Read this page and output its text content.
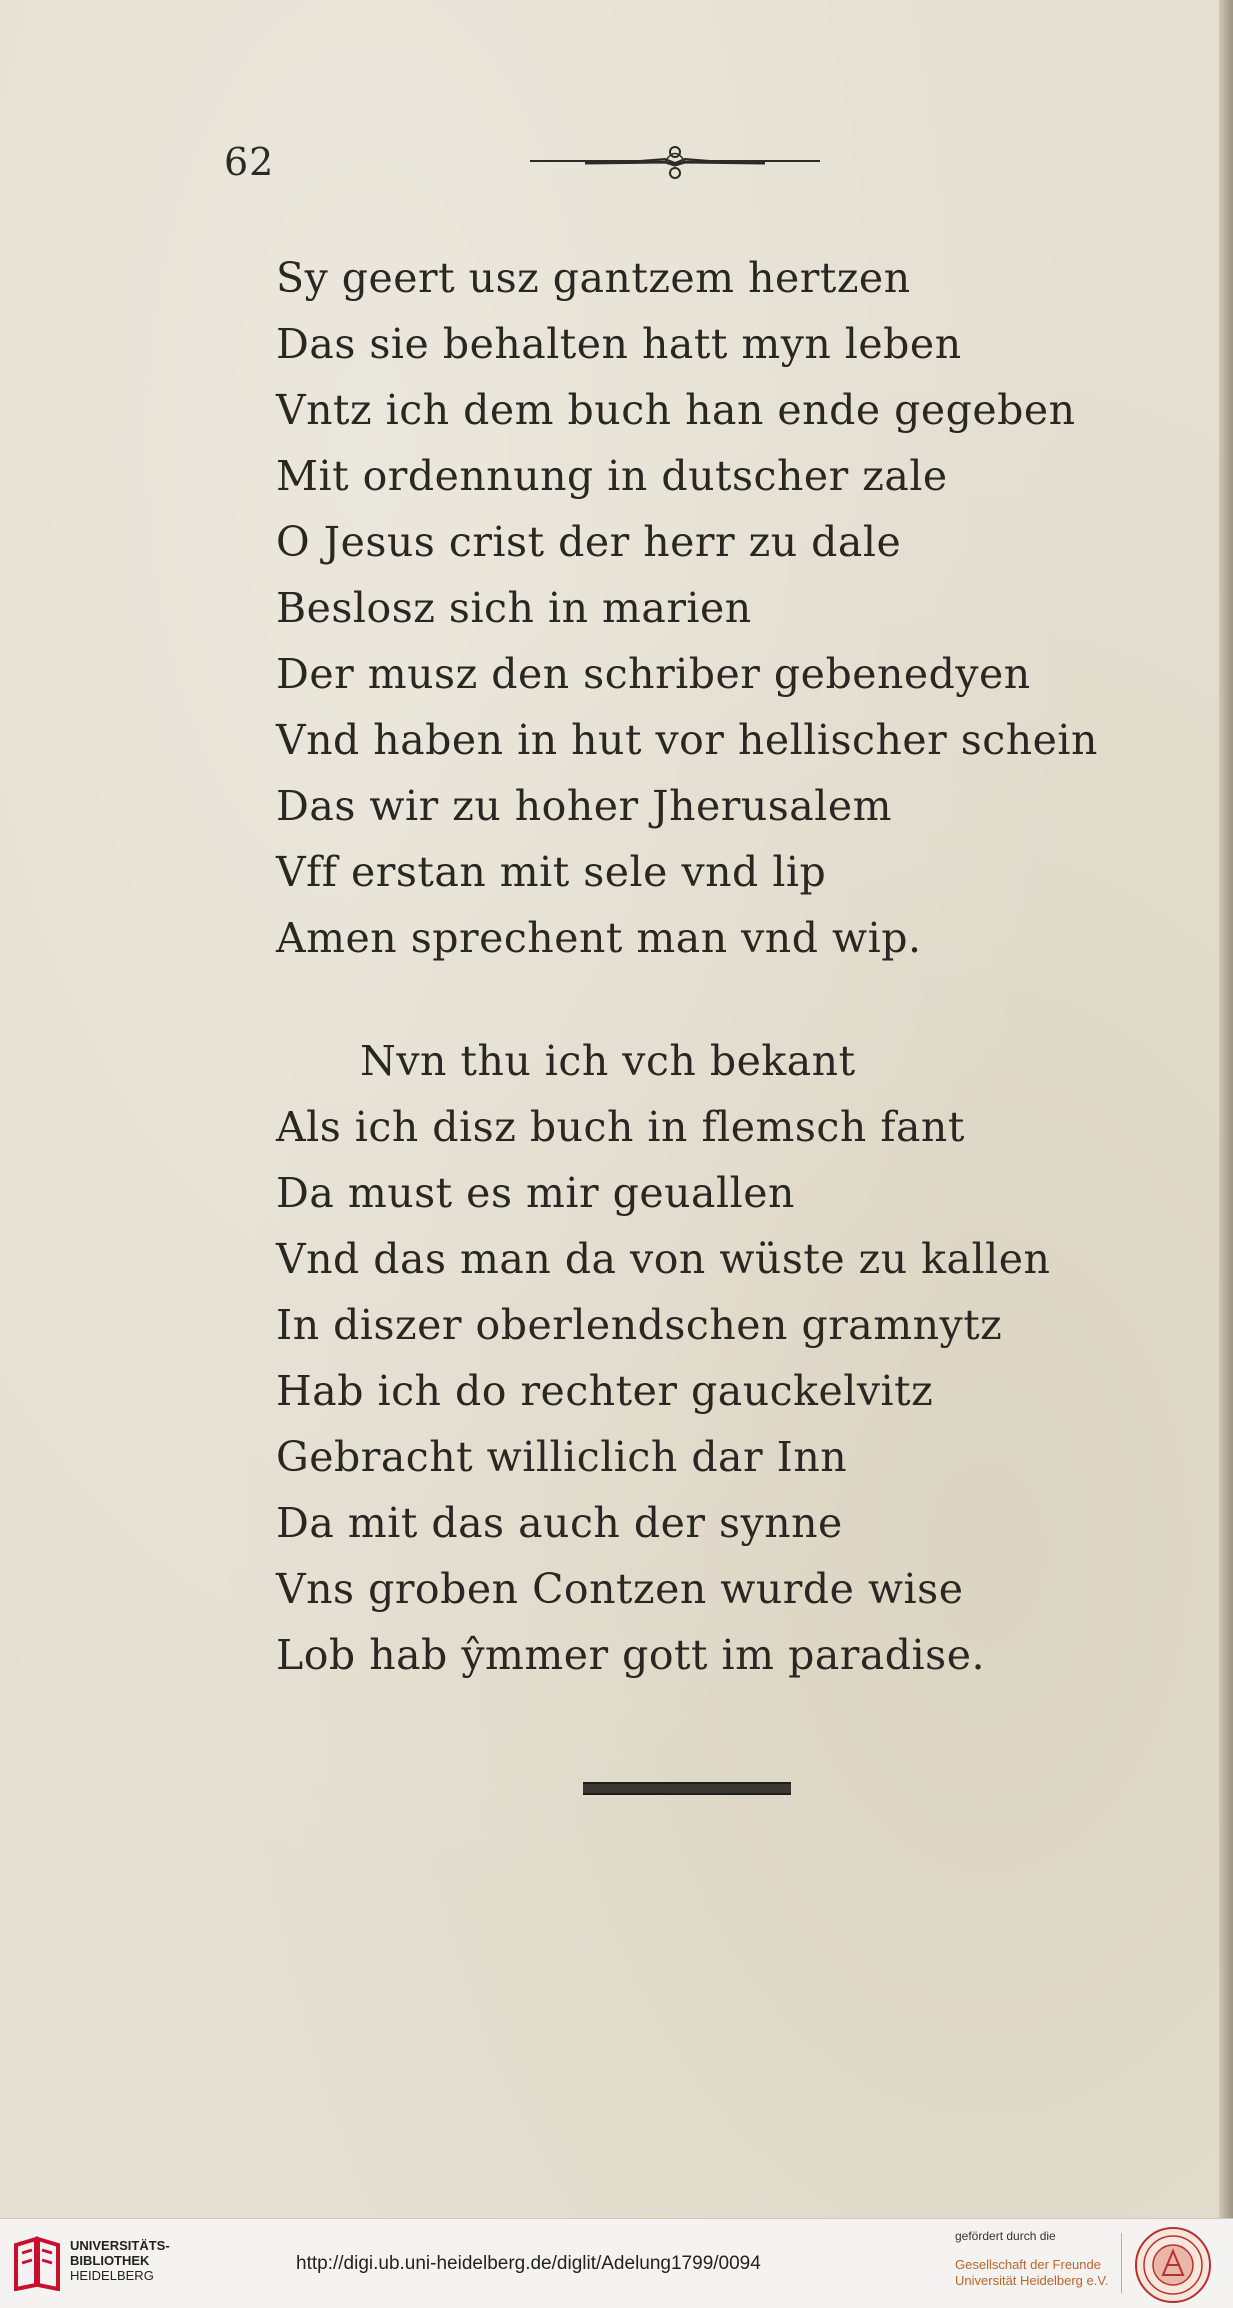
62
Sy geert usz gantzem hertzen
Das sie behalten hatt myn leben
Vntz ich dem buch han ende gegeben
Mit ordennung in dutscher zale
O Jesus crist der herr zu dale
Beslosz sich in marien
Der musz den schriber gebenedyen
Vnd haben in hut vor hellischer schein
Das wir zu hoher Jherusalem
Vff erstan mit sele vnd lip
Amen sprechent man vnd wip.
Nvn thu ich vch bekant
Als ich disz buch in flemsch fant
Da must es mir geuallen
Vnd das man da von wüste zu kallen
In diszer oberlendschen gramnytz
Hab ich do rechter gauckelvitz
Gebracht williclich dar Inn
Da mit das auch der synne
Vns groben Contzen wurde wise
Lob hab ŷmmer gott im paradise.
UNIVERSITÄTS-
BIBLIOTHEK
HEIDELBERG
http://digi.ub.uni-heidelberg.de/diglit/Adelung1799/0094
gefördert durch die
Gesellschaft der Freunde
Universität Heidelberg e.V.
